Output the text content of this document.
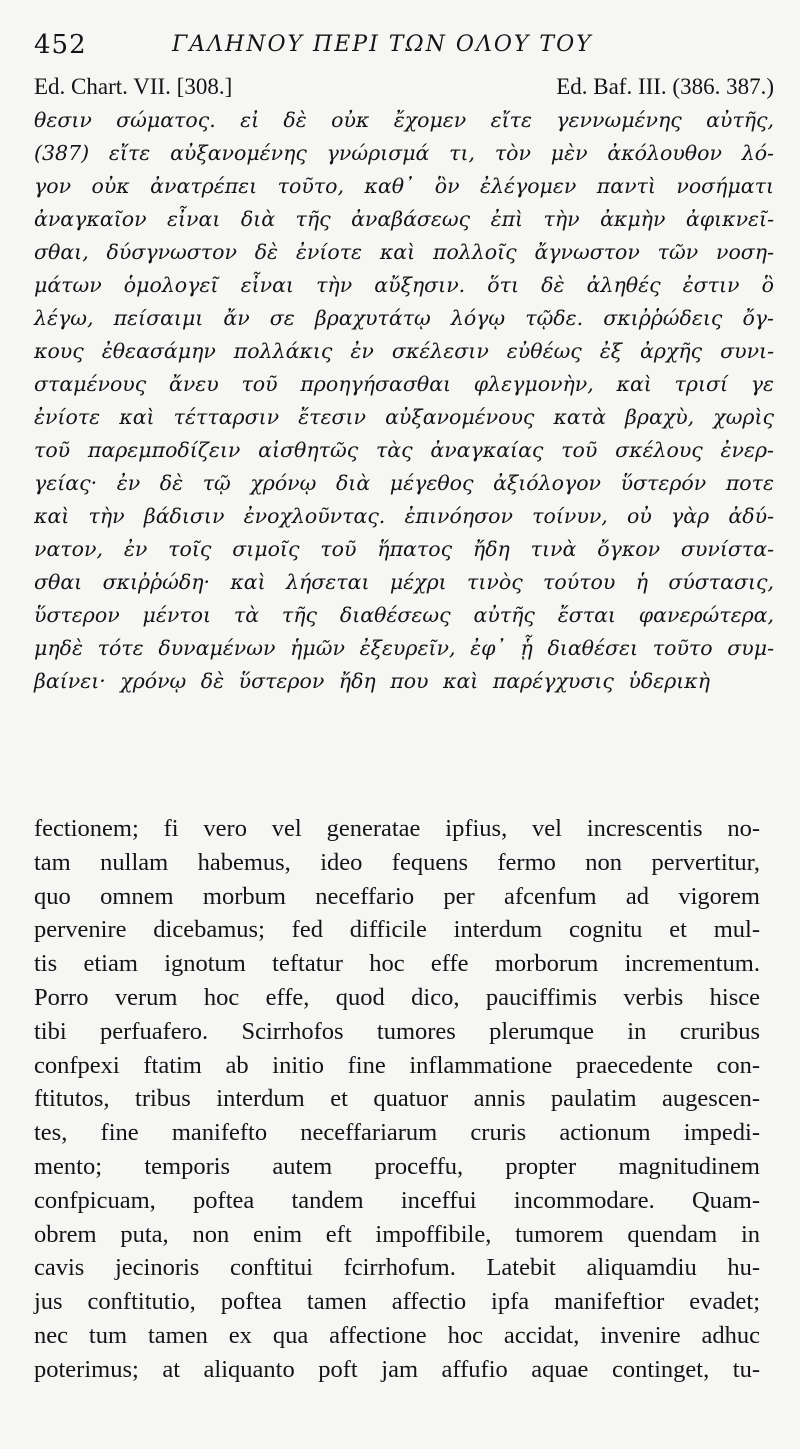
452	ΓΑΛΗΝΟΥ ΠΕΡΙ ΤΩΝ ΟΛΟΥ ΤΟΥ
Ed. Chart. VII. [308.]	Ed. Baf. III. (386. 387.)
θεσιν σώματος. εἰ δὲ οὐκ ἔχομεν εἴτε γεννωμένης αὐτῆς,
(387) εἴτε αὐξανομένης γνώρισμά τι, τὸν μὲν ἀκόλουθον λό-
γον οὐκ ἀνατρέπει τοῦτο, καθ᾽ ὃν ἐλέγομεν παντὶ νοσήματι
ἀναγκαῖον εἶναι διὰ τῆς ἀναβάσεως ἐπὶ τὴν ἀκμὴν ἀφικνεῖ-
σθαι, δύσγνωστον δὲ ἐνίοτε καὶ πολλοῖς ἄγνωστον τῶν νοση-
μάτων ὁμολογεῖ εἶναι τὴν αὔξησιν. ὅτι δὲ ἀληθές ἐστιν ὃ
λέγω, πείσαιμι ἄν σε βραχυτάτῳ λόγῳ τῷδε. σκιῤῥώδεις ὄγ-
κους ἐθεασάμην πολλάκις ἐν σκέλεσιν εὐθέως ἐξ ἀρχῆς συνι-
σταμένους ἄνευ τοῦ προηγήσασθαι φλεγμονὴν, καὶ τρισί γε
ἐνίοτε καὶ τέτταρσιν ἔτεσιν αὐξανομένους κατὰ βραχὺ, χωρὶς
τοῦ παρεμποδίζειν αἰσθητῶς τὰς ἀναγκαίας τοῦ σκέλους ἐνερ-
γείας· ἐν δὲ τῷ χρόνῳ διὰ μέγεθος ἀξιόλογον ὕστερόν ποτε
καὶ τὴν βάδισιν ἐνοχλοῦντας. ἐπινόησον τοίνυν, οὐ γὰρ ἀδύ-
νατον, ἐν τοῖς σιμοῖς τοῦ ἥπατος ἤδη τινὰ ὄγκον συνίστα-
σθαι σκιῤῥώδη· καὶ λήσεται μέχρι τινὸς τούτου ἡ σύστασις,
ὕστερον μέντοι τὰ τῆς διαθέσεως αὐτῆς ἔσται φανερώτερα,
μηδὲ τότε δυναμένων ἡμῶν ἐξευρεῖν, ἐφ᾽ ᾗ διαθέσει τοῦτο συμ-
βαίνει· χρόνῳ δὲ ὕστερον ἤδη που καὶ παρέγχυσις ὑδερικὴ
fectionem; fi vero vel generatae ipfius, vel increscentis no-
tam nullam habemus, ideo fequens fermo non pervertitur,
quo omnem morbum neceffario per afcenfum ad vigorem
pervenire dicebamus; fed difficile interdum cognitu et mul-
tis etiam ignotum teftatur hoc effe morborum incrementum.
Porro verum hoc effe, quod dico, pauciffimis verbis hisce
tibi perfuafero. Scirrhofos tumores plerumque in cruribus
confpexi ftatim ab initio fine inflammatione praecedente con-
ftitutos, tribus interdum et quatuor annis paulatim augescen-
tes, fine manifefto neceffariarum cruris actionum impedi-
mento; temporis autem proceffu, propter magnitudinem
confpicuam, poftea tandem inceffui incommodare. Quam-
obrem puta, non enim eft impoffibile, tumorem quendam in
cavis jecinoris conftitui fcirrhofum. Latebit aliquamdiu hu-
jus conftitutio, poftea tamen affectio ipfa manifeftior evadet;
nec tum tamen ex qua affectione hoc accidat, invenire adhuc
poterimus; at aliquanto poft jam affufio aquae continget, tu-
